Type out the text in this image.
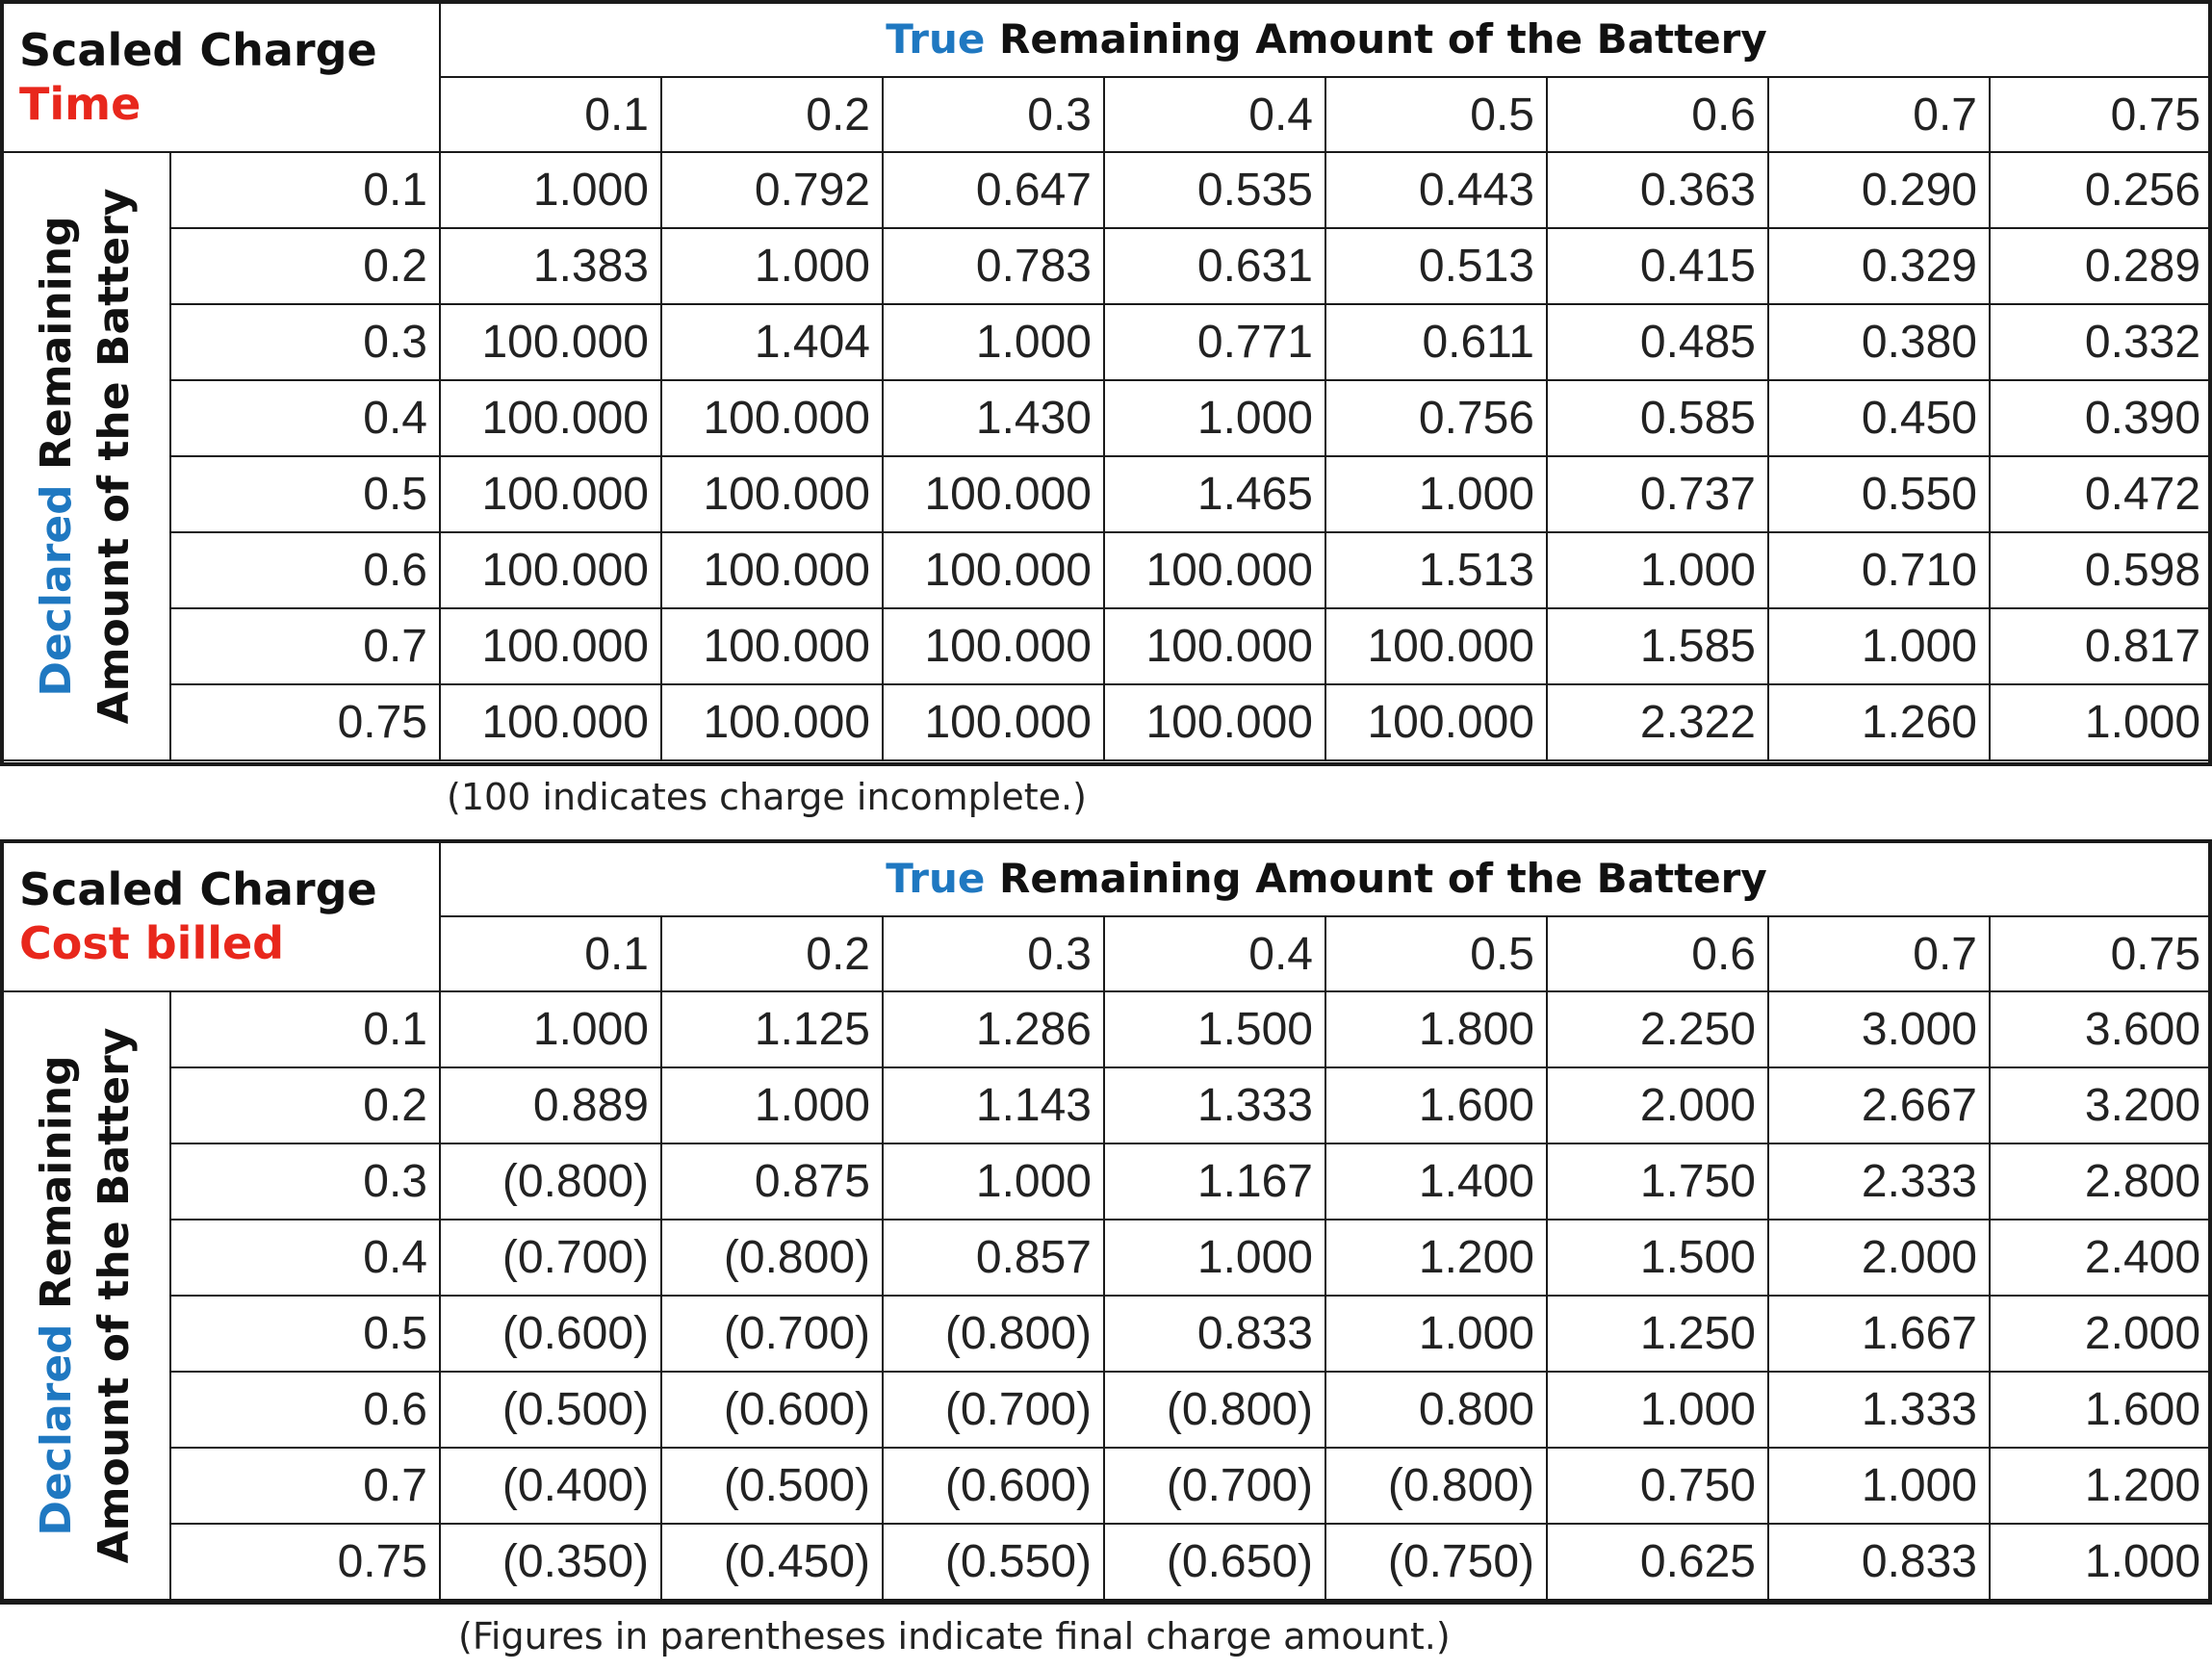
Scaled Charge
Time		True Remaining Amount of the Battery							
		0.1	0.2	0.3	0.4	0.5	0.6	0.7	0.75

Declared Remaining Amount of the Battery	0.1	1.000	0.792	0.647	0.535	0.443	0.363	0.290	0.256
	0.2	1.383	1.000	0.783	0.631	0.513	0.415	0.329	0.289
	0.3	100.000	1.404	1.000	0.771	0.611	0.485	0.380	0.332
	0.4	100.000	100.000	1.430	1.000	0.756	0.585	0.450	0.390
	0.5	100.000	100.000	100.000	1.465	1.000	0.737	0.550	0.472
	0.6	100.000	100.000	100.000	100.000	1.513	1.000	0.710	0.598
	0.7	100.000	100.000	100.000	100.000	100.000	1.585	1.000	0.817
	0.75	100.000	100.000	100.000	100.000	100.000	2.322	1.260	1.000
Scaled Charge
Cost billed		True Remaining Amount of the Battery							
		0.1	0.2	0.3	0.4	0.5	0.6	0.7	0.75

Declared Remaining Amount of the Battery	0.1	1.000	1.125	1.286	1.500	1.800	2.250	3.000	3.600
	0.2	0.889	1.000	1.143	1.333	1.600	2.000	2.667	3.200
	0.3	(0.800)	0.875	1.000	1.167	1.400	1.750	2.333	2.800
	0.4	(0.700)	(0.800)	0.857	1.000	1.200	1.500	2.000	2.400
	0.5	(0.600)	(0.700)	(0.800)	0.833	1.000	1.250	1.667	2.000
	0.6	(0.500)	(0.600)	(0.700)	(0.800)	0.800	1.000	1.333	1.600
	0.7	(0.400)	(0.500)	(0.600)	(0.700)	(0.800)	0.750	1.000	1.200
	0.75	(0.350)	(0.450)	(0.550)	(0.650)	(0.750)	0.625	0.833	1.000
(100 indicates charge incomplete.)
(Figures in parentheses indicate final charge amount.)
